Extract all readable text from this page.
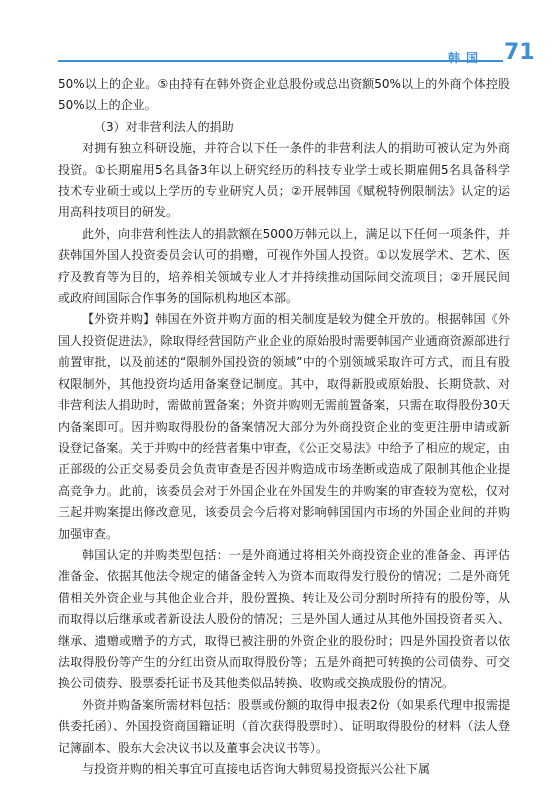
韩国 71

50%以上的企业。⑤由持有在韩外资企业总股份或总出资额50%以上的外商个体控股50%以上的企业。

（3）对非营利法人的捐助

对拥有独立科研设施，并符合以下任一条件的非营利法人的捐助可被认定为外商投资。①长期雇用5名具备3年以上研究经历的科技专业学士或长期雇佣5名具备科学技术专业硕士或以上学历的专业研究人员；②开展韩国《赋税特例限制法》认定的运用高科技项目的研发。

此外，向非营利性法人的捐款额在5000万韩元以上，满足以下任何一项条件，并获韩国外国人投资委员会认可的捐赠，可视作外国人投资。①以发展学术、艺术、医疗及教育等为目的，培养相关领域专业人才并持续推动国际间交流项目；②开展民间或政府间国际合作事务的国际机构地区本部。

【外资并购】韩国在外资并购方面的相关制度是较为健全开放的。根据韩国《外国人投资促进法》，除取得经营国防产业企业的原始股时需要韩国产业通商资源部进行前置审批，以及前述的“限制外国投资的领域”中的个别领域采取许可方式，而且有股权限制外，其他投资均适用备案登记制度。其中，取得新股或原始股、长期贷款、对非营利法人捐助时，需做前置备案；外资并购则无需前置备案，只需在取得股份30天内备案即可。因并购取得股份的备案情况大部分为外商投资企业的变更注册申请或新设登记备案。关于并购中的经营者集中审查，《公正交易法》中给予了相应的规定，由正部级的公正交易委员会负责审查是否因并购造成市场垄断或造成了限制其他企业提高竞争力。此前，该委员会对于外国企业在外国发生的并购案的审查较为宽松，仅对三起并购案提出修改意见，该委员会今后将对影响韩国国内市场的外国企业间的并购加强审查。

韩国认定的并购类型包括：一是外商通过将相关外商投资企业的准备金、再评估准备金、依据其他法令规定的储备金转入为资本而取得发行股份的情况；二是外商凭借相关外资企业与其他企业合并，股份置换、转让及公司分割时所持有的股份等，从而取得以后继承或者新设法人股份的情况；三是外国人通过从其他外国投资者买入、继承、遗赠或赠予的方式，取得已被注册的外资企业的股份时；四是外国投资者以依法取得股份等产生的分红出资从而取得股份等；五是外商把可转换的公司债券、可交换公司债券、股票委托证书及其他类似品转换、收购或交换成股份的情况。

外资并购备案所需材料包括：股票或份额的取得申报表2份（如果系代理申报需提供委托函）、外国投资商国籍证明（首次获得股票时）、证明取得股份的材料（法人登记簿副本、股东大会决议书以及董事会决议书等）。

与投资并购的相关事宜可直接电话咨询大韩贸易投资振兴公社下属
